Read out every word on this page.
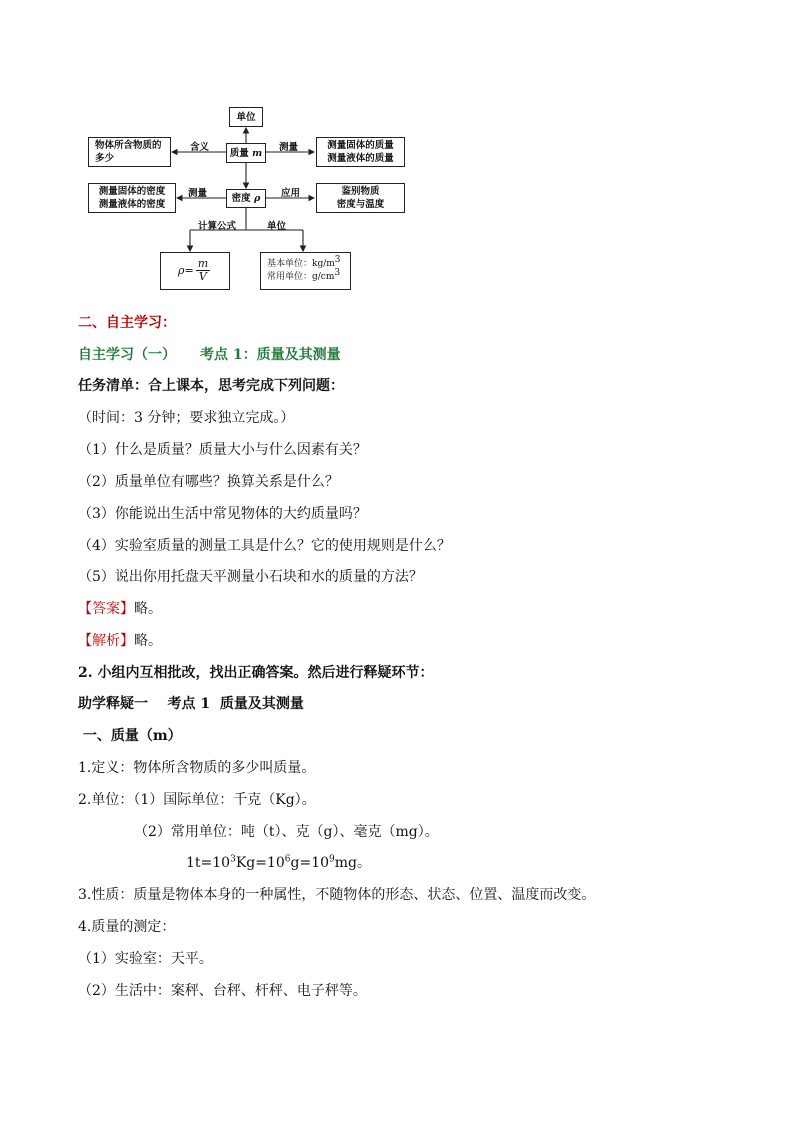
单位
物体所含物质的
多少
含义 质量
m 测量	测量固体的质量
测量液体的质量
测量固体的密度
测量液体的密度
测量	密度
ρ 应用	鉴别物质
密度与温度
计算公式	单位
$\rho= \frac{m}{V}$	基本单位：kg/m3
常用单位：g/cm3
二、自主学习：
自主学习（一） 考点 1：质量及其测量
任务清单：合上课本，思考完成下列问题：
（时间：3 分钟；要求独立完成。）
（1）什么是质量？质量大小与什么因素有关？
（2）质量单位有哪些？换算关系是什么？
（3）你能说出生活中常见物体的大约质量吗？
（4）实验室质量的测量工具是什么？它的使用规则是什么？
（5）说出你用托盘天平测量小石块和水的质量的方法？
【答案】略。
【解析】略。
2. 小组内互相批改，找出正确答案。然后进行释疑环节：
助学释疑一    考点 1  质量及其测量
一、质量（m）
1.定义：物体所含物质的多少叫质量。
2.单位：（1）国际单位：千克（Kg）。
（2）常用单位：吨（t）、克（g）、毫克（mg）。
$1t=10^3Kg=10^6g=10^9mg$。
3.性质：质量是物体本身的一种属性，不随物体的形态、状态、位置、温度而改变。
4.质量的测定：
（1）实验室：天平。
（2）生活中：案秤、台秤、杆秤、电子秤等。
